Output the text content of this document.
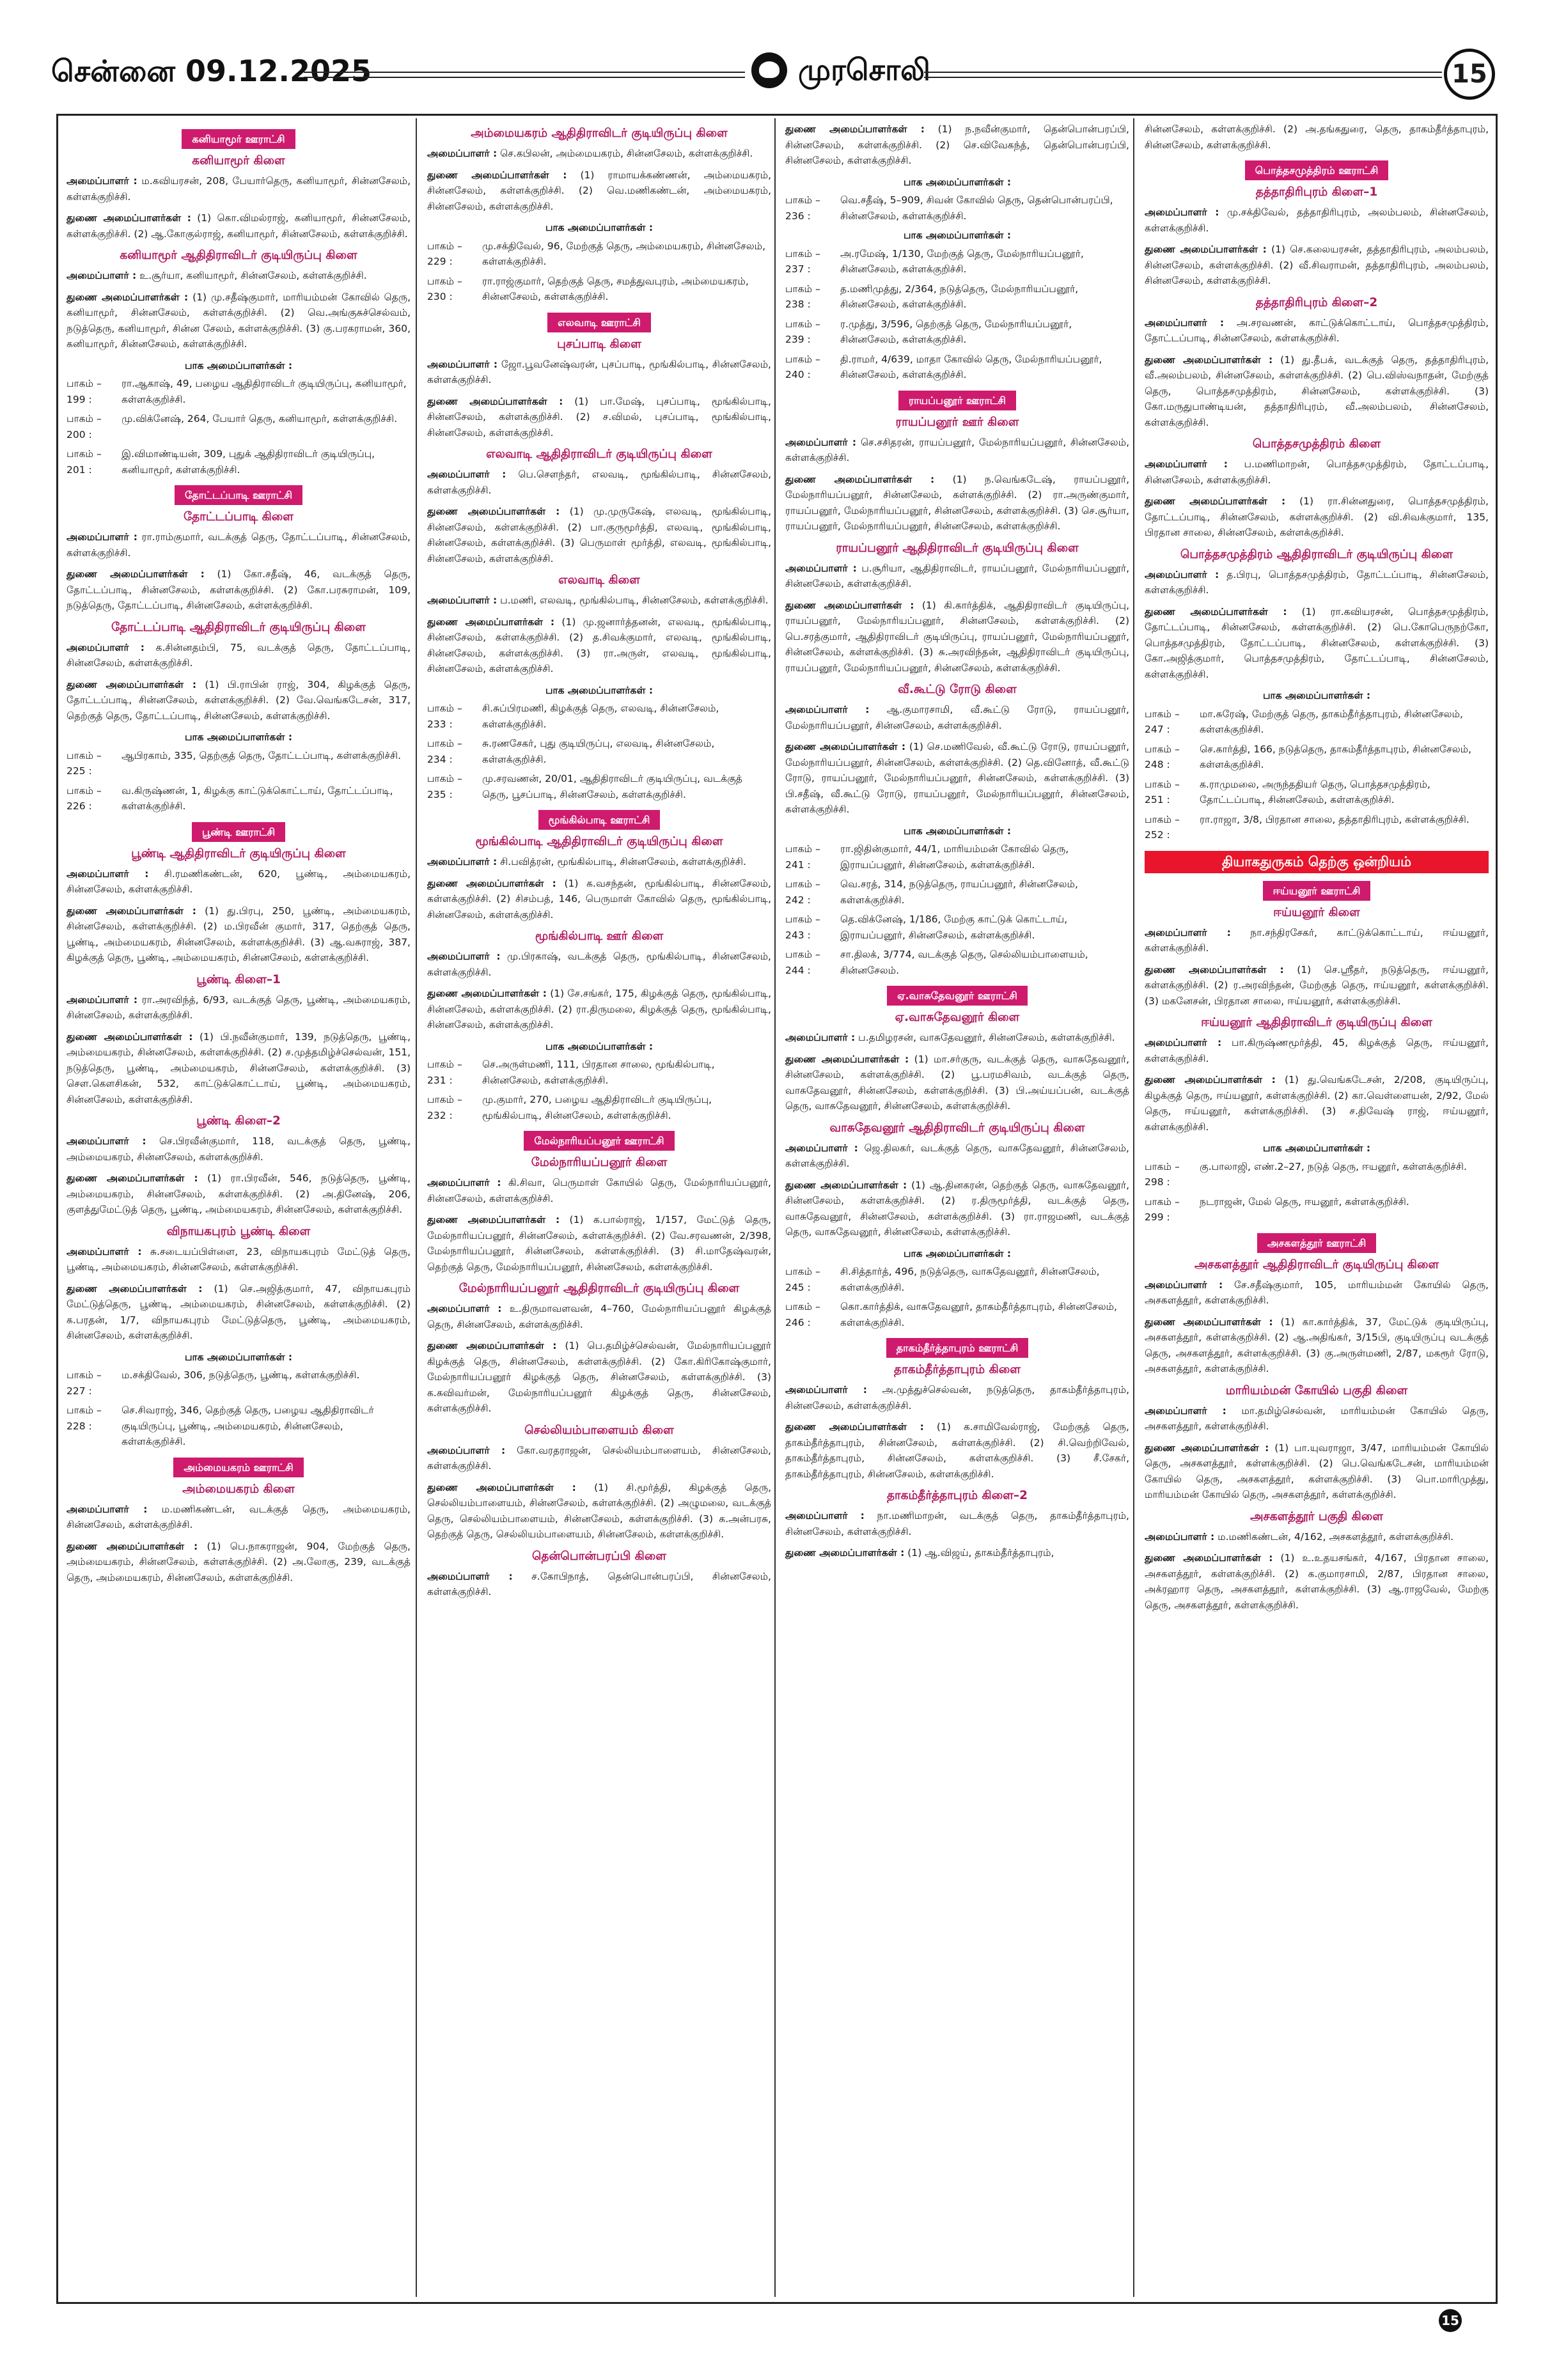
சென்னை 09.12.2025	முரசொலி	15
கனியாமூர் ஊராட்சி
கனியாமூர் கிளை

அமைப்பாளர் : ம.கவியரசன், 208, பேயார்தெரு, கனியாமூர், சின்னசேலம், கள்ளக்குறிச்சி.

துணை அமைப்பாளர்கள் : (1) கொ.விமல்ராஜ், கனியாமூர், சின்னசேலம், கள்ளக்குறிச்சி. (2) ஆ.கோகுல்ராஜ், கனியாமூர், சின்னசேலம், கள்ளக்குறிச்சி.

கனியாமூர் ஆதிதிராவிடர் குடியிருப்பு கிளை

அமைப்பாளர் : உ.சூர்யா, கனியாமூர், சின்னசேலம், கள்ளக்குறிச்சி.

துணை அமைப்பாளர்கள் : (1) மு.சதீஷ்குமார், மாரியம்மன் கோவில் தெரு, கனியாமூர், சின்னசேலம், கள்ளக்குறிச்சி. (2) வெ.அங்குசுச்செல்வம், நடுத்தெரு, கனியாமூர், சின்ன சேலம், கள்ளக்குறிச்சி. (3) கு.பரகராமன், 360, கனியாமூர், சின்னசேலம், கள்ளக்குறிச்சி.

பாக அமைப்பாளர்கள் :
பாகம் – 199 :
ரா.ஆகாஷ், 49, பழைய ஆதிதிராவிடர் குடியிருப்பு, கனியாமூர், கள்ளக்குறிச்சி.
பாகம் – 200 :
மு.விக்னேஷ், 264, பேயார் தெரு, கனியாமூர், கள்ளக்குறிச்சி.
பாகம் – 201 :
இ.விமாண்டியன், 309, புதுக் ஆதிதிராவிடர் குடியிருப்பு, கனியாமூர், கள்ளக்குறிச்சி.
தோட்டப்பாடி ஊராட்சி
தோட்டப்பாடி கிளை

அமைப்பாளர் : ரா.ராம்குமார், வடக்குத் தெரு, தோட்டப்பாடி, சின்னசேலம், கள்ளக்குறிச்சி.

துணை அமைப்பாளர்கள் : (1) கோ.சதீஷ், 46, வடக்குத் தெரு, தோட்டப்பாடி, சின்னசேலம், கள்ளக்குறிச்சி. (2) கோ.பரசுராமன், 109, நடுத்தெரு, தோட்டப்பாடி, சின்னசேலம், கள்ளக்குறிச்சி.

தோட்டப்பாடி ஆதிதிராவிடர் குடியிருப்பு கிளை

அமைப்பாளர் : க.சின்னதம்பி, 75, வடக்குத் தெரு, தோட்டப்பாடி, சின்னசேலம், கள்ளக்குறிச்சி.

துணை அமைப்பாளர்கள் : (1) பி.ராபின் ராஜ், 304, கிழக்குத் தெரு, தோட்டப்பாடி, சின்னசேலம், கள்ளக்குறிச்சி. (2) வே.வெங்கடேசன், 317, தெற்குத் தெரு, தோட்டப்பாடி, சின்னசேலம், கள்ளக்குறிச்சி.

பாக அமைப்பாளர்கள் :
பாகம் – 225 :
ஆபிரகாம், 335, தெற்குத் தெரு, தோட்டப்பாடி, கள்ளக்குறிச்சி.
பாகம் – 226 :
வ.கிருஷ்ணன், 1, கிழக்கு காட்டுக்கொட்டாய், தோட்டப்பாடி, கள்ளக்குறிச்சி.
பூண்டி ஊராட்சி
பூண்டி ஆதிதிராவிடர் குடியிருப்பு கிளை

அமைப்பாளர் : சி.ரமணிகண்டன், 620, பூண்டி, அம்மையகரம், சின்னசேலம், கள்ளக்குறிச்சி.

துணை அமைப்பாளர்கள் : (1) து.பிரபு, 250, பூண்டி, அம்மையகரம், சின்னசேலம், கள்ளக்குறிச்சி. (2) ம.பிரவீன் குமார், 317, தெற்குத் தெரு, பூண்டி, அம்மையகரம், சின்னசேலம், கள்ளக்குறிச்சி. (3) ஆ.வசுராஜ், 387, கிழக்குத் தெரு, பூண்டி, அம்மையகரம், சின்னசேலம், கள்ளக்குறிச்சி.

பூண்டி கிளை–1

அமைப்பாளர் : ரா.அரவிந்த், 6/93, வடக்குத் தெரு, பூண்டி, அம்மையகரம், சின்னசேலம், கள்ளக்குறிச்சி.

துணை அமைப்பாளர்கள் : (1) பி.நவீன்குமார், 139, நடுத்தெரு, பூண்டி, அம்மையகரம், சின்னசேலம், கள்ளக்குறிச்சி. (2) ச.முத்தமிழ்ச்செல்வன், 151, நடுத்தெரு, பூண்டி, அம்மையகரம், சின்னசேலம், கள்ளக்குறிச்சி. (3) சௌ.கௌசிகன், 532, காட்டுக்கொட்டாய், பூண்டி, அம்மையகரம், சின்னசேலம், கள்ளக்குறிச்சி.

பூண்டி கிளை–2

அமைப்பாளர் : செ.பிரவீன்குமார், 118, வடக்குத் தெரு, பூண்டி, அம்மையகரம், சின்னசேலம், கள்ளக்குறிச்சி.

துணை அமைப்பாளர்கள் : (1) ரா.பிரவீன், 546, நடுத்தெரு, பூண்டி, அம்மையகரம், சின்னசேலம், கள்ளக்குறிச்சி. (2) அ.தினேஷ், 206, குளத்துமேட்டுத் தெரு, பூண்டி, அம்மையகரம், சின்னசேலம், கள்ளக்குறிச்சி.

விநாயகபுரம் பூண்டி கிளை

அமைப்பாளர் : சு.சடையப்பிள்ளை, 23, விநாயகபுரம் மேட்டுத் தெரு, பூண்டி, அம்மையகரம், சின்னசேலம், கள்ளக்குறிச்சி.

துணை அமைப்பாளர்கள் : (1) செ.அஜித்குமார், 47, விநாயகபுரம் மேட்டுத்தெரு, பூண்டி, அம்மையகரம், சின்னசேலம், கள்ளக்குறிச்சி. (2) க.பரதன், 1/7, விநாயகபுரம் மேட்டுத்தெரு, பூண்டி, அம்மையகரம், சின்னசேலம், கள்ளக்குறிச்சி.

பாக அமைப்பாளர்கள் :
பாகம் – 227 :
ம.சக்திவேல், 306, நடுத்தெரு, பூண்டி, கள்ளக்குறிச்சி.
பாகம் – 228 :
செ.சிவராஜ், 346, தெற்குத் தெரு, பழைய ஆதிதிராவிடர் குடியிருப்பு, பூண்டி, அம்மையகரம், சின்னசேலம், கள்ளக்குறிச்சி.
அம்மையகரம் ஊராட்சி
அம்மையகரம் கிளை

அமைப்பாளர் : ம.மணிகண்டன், வடக்குத் தெரு, அம்மையகரம், சின்னசேலம், கள்ளக்குறிச்சி.

துணை அமைப்பாளர்கள் : (1) பெ.நாகராஜன், 904, மேற்குத் தெரு, அம்மையகரம், சின்னசேலம், கள்ளக்குறிச்சி. (2) அ.லோகு, 239, வடக்குத் தெரு, அம்மையகரம், சின்னசேலம், கள்ளக்குறிச்சி.

அம்மையகரம் ஆதிதிராவிடர் குடியிருப்பு கிளை

அமைப்பாளர் : செ.கபிலன், அம்மையகரம், சின்னசேலம், கள்ளக்குறிச்சி.

துணை அமைப்பாளர்கள் : (1) ராமாயக்கண்ணன், அம்மையகரம், சின்னசேலம், கள்ளக்குறிச்சி. (2) வெ.மணிகண்டன், அம்மையகரம், சின்னசேலம், கள்ளக்குறிச்சி.

பாக அமைப்பாளர்கள் :
பாகம் – 229 :
மு.சக்திவேல், 96, மேற்குத் தெரு, அம்மையகரம், சின்னசேலம், கள்ளக்குறிச்சி.
பாகம் – 230 :
ரா.ராஜ்குமார், தெற்குத் தெரு, சமத்துவபுரம், அம்மையகரம், சின்னசேலம், கள்ளக்குறிச்சி.
எலவாடி ஊராட்சி
புசப்பாடி கிளை

அமைப்பாளர் : ஜோ.பூவனேஷ்வரன், புசப்பாடி, மூங்கில்பாடி, சின்னசேலம், கள்ளக்குறிச்சி.

துணை அமைப்பாளர்கள் : (1) பா.மேஷ், புசப்பாடி, மூங்கில்பாடி, சின்னசேலம், கள்ளக்குறிச்சி. (2) ச.விமல், புசப்பாடி, மூங்கில்பாடி, சின்னசேலம், கள்ளக்குறிச்சி.

எலவாடி ஆதிதிராவிடர் குடியிருப்பு கிளை

அமைப்பாளர் : பெ.சௌந்தர், எலவடி, மூங்கில்பாடி, சின்னசேலம், கள்ளக்குறிச்சி.

துணை அமைப்பாளர்கள் : (1) மு.முருகேஷ், எலவடி, மூங்கில்பாடி, சின்னசேலம், கள்ளக்குறிச்சி. (2) பா.குருமூர்த்தி, எலவடி, மூங்கில்பாடி, சின்னசேலம், கள்ளக்குறிச்சி. (3) பெருமாள் மூர்த்தி, எலவடி, மூங்கில்பாடி, சின்னசேலம், கள்ளக்குறிச்சி.

எலவாடி கிளை

அமைப்பாளர் : ப.மணி, எலவடி, மூங்கில்பாடி, சின்னசேலம், கள்ளக்குறிச்சி.

துணை அமைப்பாளர்கள் : (1) மு.ஜனார்த்தனன், எலவடி, மூங்கில்பாடி, சின்னசேலம், கள்ளக்குறிச்சி. (2) த.சிவக்குமார், எலவடி, மூங்கில்பாடி, சின்னசேலம், கள்ளக்குறிச்சி. (3) ரா.அருள், எலவடி, மூங்கில்பாடி, சின்னசேலம், கள்ளக்குறிச்சி.

பாக அமைப்பாளர்கள் :
பாகம் – 233 :
சி.சுப்பிரமணி, கிழக்குத் தெரு, எலவடி, சின்னசேலம், கள்ளக்குறிச்சி.
பாகம் – 234 :
சு.ரணசேகர், புது குடியிருப்பு, எலவடி, சின்னசேலம், கள்ளக்குறிச்சி.
பாகம் – 235 :
மு.சரவணன், 20/01, ஆதிதிராவிடர் குடியிருப்பு, வடக்குத் தெரு, பூசப்பாடி, சின்னசேலம், கள்ளக்குறிச்சி.
மூங்கில்பாடி ஊராட்சி
மூங்கில்பாடி ஆதிதிராவிடர் குடியிருப்பு கிளை

அமைப்பாளர் : சி.பவித்ரன், மூங்கில்பாடி, சின்னசேலம், கள்ளக்குறிச்சி.

துணை அமைப்பாளர்கள் : (1) க.வசந்தன், மூங்கில்பாடி, சின்னசேலம், கள்ளக்குறிச்சி. (2) சிசம்பத், 146, பெருமாள் கோவில் தெரு, மூங்கில்பாடி, சின்னசேலம், கள்ளக்குறிச்சி.

மூங்கில்பாடி ஊர் கிளை

அமைப்பாளர் : மு.பிரகாஷ், வடக்குத் தெரு, மூங்கில்பாடி, சின்னசேலம், கள்ளக்குறிச்சி.

துணை அமைப்பாளர்கள் : (1) சே.சங்கர், 175, கிழக்குத் தெரு, மூங்கில்பாடி, சின்னசேலம், கள்ளக்குறிச்சி. (2) ரா.திருமலை, கிழக்குத் தெரு, மூங்கில்பாடி, சின்னசேலம், கள்ளக்குறிச்சி.

பாக அமைப்பாளர்கள் :
பாகம் – 231 :
செ.அருள்மணி, 111, பிரதான சாலை, மூங்கில்பாடி, சின்னசேலம், கள்ளக்குறிச்சி.
பாகம் – 232 :
மு.குமார், 270, பழைய ஆதிதிராவிடர் குடியிருப்பு, மூங்கில்பாடி, சின்னசேலம், கள்ளக்குறிச்சி.
மேல்நாரியப்பனூர் ஊராட்சி
மேல்நாரியப்பனூர் கிளை

அமைப்பாளர் : கி.சிவா, பெருமாள் கோயில் தெரு, மேல்நாரியப்பனூர், சின்னசேலம், கள்ளக்குறிச்சி.

துணை அமைப்பாளர்கள் : (1) க.பால்ராஜ், 1/157, மேட்டுத் தெரு, மேல்நாரியப்பனூர், சின்னசேலம், கள்ளக்குறிச்சி. (2) வே.சரவணன், 2/398, மேல்நாரியப்பனூர், சின்னசேலம், கள்ளக்குறிச்சி. (3) சி.மாதேஷ்வரன், தெற்குத் தெரு, மேல்நாரியப்பனூர், சின்னசேலம், கள்ளக்குறிச்சி.

மேல்நாரியப்பனூர் ஆதிதிராவிடர் குடியிருப்பு கிளை

அமைப்பாளர் : உ.திருமாவளவன், 4–760, மேல்நாரியப்பனூர் கிழக்குத் தெரு, சின்னசேலம், கள்ளக்குறிச்சி.

துணை அமைப்பாளர்கள் : (1) பெ.தமிழ்ச்செல்வன், மேல்நாரியப்பனூர் கிழக்குத் தெரு, சின்னசேலம், கள்ளக்குறிச்சி. (2) கோ.கிரிகோஷ்குமார், மேல்நாரியப்பனூர் கிழக்குத் தெரு, சின்னசேலம், கள்ளக்குறிச்சி. (3) க.கவிவர்மன், மேல்நாரியப்பனூர் கிழக்குத் தெரு, சின்னசேலம், கள்ளக்குறிச்சி.

செல்லியம்பாளையம் கிளை

அமைப்பாளர் : கோ.வரதராஜன், செல்லியம்பாளையம், சின்னசேலம், கள்ளக்குறிச்சி.

துணை அமைப்பாளர்கள் : (1) சி.மூர்த்தி, கிழக்குத் தெரு, செல்லியம்பாளையம், சின்னசேலம், கள்ளக்குறிச்சி. (2) அழுமலை, வடக்குத் தெரு, செல்லியம்பாளையம், சின்னசேலம், கள்ளக்குறிச்சி. (3) க.அன்பரசு, தெற்குத் தெரு, செல்லியம்பாளையம், சின்னசேலம், கள்ளக்குறிச்சி.

தென்பொன்பரப்பி கிளை

அமைப்பாளர் : ச.கோபிநாத், தென்பொன்பரப்பி, சின்னசேலம், கள்ளக்குறிச்சி.

துணை அமைப்பாளர்கள் : (1) ந.நவீன்குமார், தென்பொன்பரப்பி, சின்னசேலம், கள்ளக்குறிச்சி. (2) செ.விவேகந்த், தென்பொன்பரப்பி, சின்னசேலம், கள்ளக்குறிச்சி.

பாக அமைப்பாளர்கள் :
பாகம் – 236 :
வெ.சதீஷ், 5–909, சிவன் கோவில் தெரு, தென்பொன்பரப்பி, சின்னசேலம், கள்ளக்குறிச்சி.
பாக அமைப்பாளர்கள் :
பாகம் – 237 :
அ.ரமேஷ், 1/130, மேற்குத் தெரு, மேல்நாரியப்பனூர், சின்னசேலம், கள்ளக்குறிச்சி.
பாகம் – 238 :
த.மணிமுத்து, 2/364, நடுத்தெரு, மேல்நாரியப்பனூர், சின்னசேலம், கள்ளக்குறிச்சி.
பாகம் – 239 :
ர.முத்து, 3/596, தெற்குத் தெரு, மேல்நாரியப்பனூர், சின்னசேலம், கள்ளக்குறிச்சி.
பாகம் – 240 :
தி.ராமர், 4/639, மாதா கோவில் தெரு, மேல்நாரியப்பனூர், சின்னசேலம், கள்ளக்குறிச்சி.
ராயப்பனூர் ஊராட்சி
ராயப்பனூர் ஊர் கிளை

அமைப்பாளர் : செ.சசிதரன், ராயப்பனூர், மேல்நாரியப்பனூர், சின்னசேலம், கள்ளக்குறிச்சி.

துணை அமைப்பாளர்கள் : (1) ந.வெங்கடேஷ், ராயப்பனூர், மேல்நாரியப்பனூர், சின்னசேலம், கள்ளக்குறிச்சி. (2) ரா.அருண்குமார், ராயப்பனூர், மேல்நாரியப்பனூர், சின்னசேலம், கள்ளக்குறிச்சி. (3) செ.சூர்யா, ராயப்பனூர், மேல்நாரியப்பனூர், சின்னசேலம், கள்ளக்குறிச்சி.

ராயப்பனூர் ஆதிதிராவிடர் குடியிருப்பு கிளை

அமைப்பாளர் : ப.சூரியா, ஆதிதிராவிடர், ராயப்பனூர், மேல்நாரியப்பனூர், சின்னசேலம், கள்ளக்குறிச்சி.

துணை அமைப்பாளர்கள் : (1) கி.கார்த்திக், ஆதிதிராவிடர் குடியிருப்பு, ராயப்பனூர், மேல்நாரியப்பனூர், சின்னசேலம், கள்ளக்குறிச்சி. (2) பெ.சரத்குமார், ஆதிதிராவிடர் குடியிருப்பு, ராயப்பனூர், மேல்நாரியப்பனூர், சின்னசேலம், கள்ளக்குறிச்சி. (3) சு.அரவிந்தன், ஆதிதிராவிடர் குடியிருப்பு, ராயப்பனூர், மேல்நாரியப்பனூர், சின்னசேலம், கள்ளக்குறிச்சி.

வீ.கூட்டு ரோடு கிளை

அமைப்பாளர் : ஆ.குமாரசாமி, வீ.கூட்டு ரோடு, ராயப்பனூர், மேல்நாரியப்பனூர், சின்னசேலம், கள்ளக்குறிச்சி.

துணை அமைப்பாளர்கள் : (1) செ.மணிவேல், வீ.கூட்டு ரோடு, ராயப்பனூர், மேல்நாரியப்பனூர், சின்னசேலம், கள்ளக்குறிச்சி. (2) தெ.வினோத், வீ.கூட்டு ரோடு, ராயப்பனூர், மேல்நாரியப்பனூர், சின்னசேலம், கள்ளக்குறிச்சி. (3) பி.சதீஷ், வீ.கூட்டு ரோடு, ராயப்பனூர், மேல்நாரியப்பனூர், சின்னசேலம், கள்ளக்குறிச்சி.

பாக அமைப்பாளர்கள் :
பாகம் – 241 :
ரா.ஜிதின்குமார், 44/1, மாரியம்மன் கோவில் தெரு, இராயப்பனூர், சின்னசேலம், கள்ளக்குறிச்சி.
பாகம் – 242 :
வெ.சரத், 314, நடுத்தெரு, ராயப்பனூர், சின்னசேலம், கள்ளக்குறிச்சி.
பாகம் – 243 :
தெ.விக்னேஷ், 1/186, மேற்கு காட்டுக் கொட்டாய், இராயப்பனூர், சின்னசேலம், கள்ளக்குறிச்சி.
பாகம் – 244 :
சா.திலக், 3/774, வடக்குத் தெரு, செல்லியம்பாளையம், சின்னசேலம்.
ஏ.வாசுதேவனூர் ஊராட்சி
ஏ.வாசுதேவனூர் கிளை

அமைப்பாளர் : ப.தமிழரசன், வாசுதேவனூர், சின்னசேலம், கள்ளக்குறிச்சி.

துணை அமைப்பாளர்கள் : (1) மா.சர்குரு, வடக்குத் தெரு, வாசுதேவனூர், சின்னசேலம், கள்ளக்குறிச்சி. (2) பூ.பரமசிவம், வடக்குத் தெரு, வாசுதேவனூர், சின்னசேலம், கள்ளக்குறிச்சி. (3) பி.அய்யப்பன், வடக்குத் தெரு, வாசுதேவனூர், சின்னசேலம், கள்ளக்குறிச்சி.

வாசுதேவனூர் ஆதிதிராவிடர் குடியிருப்பு கிளை

அமைப்பாளர் : ஜெ.திலகர், வடக்குத் தெரு, வாசுதேவனூர், சின்னசேலம், கள்ளக்குறிச்சி.

துணை அமைப்பாளர்கள் : (1) ஆ.தினகரன், தெற்குத் தெரு, வாசுதேவனூர், சின்னசேலம், கள்ளக்குறிச்சி. (2) ர.திருமூர்த்தி, வடக்குத் தெரு, வாசுதேவனூர், சின்னசேலம், கள்ளக்குறிச்சி. (3) ரா.ராஜமணி, வடக்குத் தெரு, வாசுதேவனூர், சின்னசேலம், கள்ளக்குறிச்சி.

பாக அமைப்பாளர்கள் :
பாகம் – 245 :
சி.சித்தார்த், 496, நடுத்தெரு, வாசுதேவனூர், சின்னசேலம், கள்ளக்குறிச்சி.
பாகம் – 246 :
கொ.கார்த்திக், வாசுதேவனூர், தாகம்தீர்த்தாபுரம், சின்னசேலம், கள்ளக்குறிச்சி.
தாகம்தீர்த்தாபுரம் ஊராட்சி
தாகம்தீர்த்தாபுரம் கிளை

அமைப்பாளர் : அ.முத்துச்செல்வன், நடுத்தெரு, தாகம்தீர்த்தாபுரம், சின்னசேலம், கள்ளக்குறிச்சி.

துணை அமைப்பாளர்கள் : (1) க.சாமிவேல்ராஜ், மேற்குத் தெரு, தாகம்தீர்த்தாபுரம், சின்னசேலம், கள்ளக்குறிச்சி. (2) சி.வெற்றிவேல், தாகம்தீர்த்தாபுரம், சின்னசேலம், கள்ளக்குறிச்சி. (3) சீ.சேகர், தாகம்தீர்த்தாபுரம், சின்னசேலம், கள்ளக்குறிச்சி.

தாகம்தீர்த்தாபுரம் கிளை–2

அமைப்பாளர் : நா.மணிமாறன், வடக்குத் தெரு, தாகம்தீர்த்தாபுரம், சின்னசேலம், கள்ளக்குறிச்சி.

துணை அமைப்பாளர்கள் : (1) ஆ.விஜய், தாகம்தீர்த்தாபுரம்,

சின்னசேலம், கள்ளக்குறிச்சி. (2) அ.தங்கதுரை, தெரு, தாகம்தீர்த்தாபுரம், சின்னசேலம், கள்ளக்குறிச்சி.

பொத்தசமுத்திரம் ஊராட்சி
தத்தாதிரிபுரம் கிளை–1

அமைப்பாளர் : மு.சக்திவேல், தத்தாதிரிபுரம், அலம்பலம், சின்னசேலம், கள்ளக்குறிச்சி.

துணை அமைப்பாளர்கள் : (1) செ.கலையரசன், தத்தாதிரிபுரம், அலம்பலம், சின்னசேலம், கள்ளக்குறிச்சி. (2) வீ.சிவராமன், தத்தாதிரிபுரம், அலம்பலம், சின்னசேலம், கள்ளக்குறிச்சி.

தத்தாதிரிபுரம் கிளை–2

அமைப்பாளர் : அ.சரவணன், காட்டுக்கொட்டாய், பொத்தசமுத்திரம், தோட்டப்பாடி, சின்னசேலம், கள்ளக்குறிச்சி.

துணை அமைப்பாளர்கள் : (1) து.தீபக், வடக்குத் தெரு, தத்தாதிரிபுரம், வீ.அலம்பலம், சின்னசேலம், கள்ளக்குறிச்சி. (2) பெ.விஸ்வநாதன், மேற்குத் தெரு, பொத்தசமுத்திரம், சின்னசேலம், கள்ளக்குறிச்சி. (3) கோ.மருதுபாண்டியன், தத்தாதிரிபுரம், வீ.அலம்பலம், சின்னசேலம், கள்ளக்குறிச்சி.

பொத்தசமுத்திரம் கிளை

அமைப்பாளர் : ப.மணிமாறன், பொத்தசமுத்திரம், தோட்டப்பாடி, சின்னசேலம், கள்ளக்குறிச்சி.

துணை அமைப்பாளர்கள் : (1) ரா.சின்னதுரை, பொத்தசமுத்திரம், தோட்டப்பாடி, சின்னசேலம், கள்ளக்குறிச்சி. (2) வி.சிவக்குமார், 135, பிரதான சாலை, சின்னசேலம், கள்ளக்குறிச்சி.

பொத்தசமுத்திரம் ஆதிதிராவிடர் குடியிருப்பு கிளை

அமைப்பாளர் : த.பிரபு, பொத்தசமுத்திரம், தோட்டப்பாடி, சின்னசேலம், கள்ளக்குறிச்சி.

துணை அமைப்பாளர்கள் : (1) ரா.கவியரசன், பொத்தசமுத்திரம், தோட்டப்பாடி, சின்னசேலம், கள்ளக்குறிச்சி. (2) பெ.கோபெருநற்கோ, பொத்தசமுத்திரம், தோட்டப்பாடி, சின்னசேலம், கள்ளக்குறிச்சி. (3) கோ.அஜித்குமார், பொத்தசமுத்திரம், தோட்டப்பாடி, சின்னசேலம், கள்ளக்குறிச்சி.

பாக அமைப்பாளர்கள் :
பாகம் – 247 :
மா.சுரேஷ், மேற்குத் தெரு, தாகம்தீர்த்தாபுரம், சின்னசேலம், கள்ளக்குறிச்சி.
பாகம் – 248 :
செ.கார்த்தி, 166, நடுத்தெரு, தாகம்தீர்த்தாபுரம், சின்னசேலம், கள்ளக்குறிச்சி.
பாகம் – 251 :
க.ராமுமலை, அருந்ததியர் தெரு, பொத்தசமுத்திரம், தோட்டப்பாடி, சின்னசேலம், கள்ளக்குறிச்சி.
பாகம் – 252 :
ரா.ராஜா, 3/8, பிரதான சாலை, தத்தாதிரிபுரம், கள்ளக்குறிச்சி.
தியாகதுருகம் தெற்கு ஒன்றியம்
ஈய்யனூர் ஊராட்சி
ஈய்யனூர் கிளை

அமைப்பாளர் : நா.சந்திரசேகர், காட்டுக்கொட்டாய், ஈய்யனூர், கள்ளக்குறிச்சி.

துணை அமைப்பாளர்கள் : (1) செ.ஸ்ரீதர், நடுத்தெரு, ஈய்யனூர், கள்ளக்குறிச்சி. (2) ர.அரவிந்தன், மேற்குத் தெரு, ஈய்யனூர், கள்ளக்குறிச்சி. (3) மகனேசன், பிரதான சாலை, ஈய்யனூர், கள்ளக்குறிச்சி.

ஈய்யனூர் ஆதிதிராவிடர் குடியிருப்பு கிளை

அமைப்பாளர் : பா.கிருஷ்ணமூர்த்தி, 45, கிழக்குத் தெரு, ஈய்யனூர், கள்ளக்குறிச்சி.

துணை அமைப்பாளர்கள் : (1) து.வெங்கடேசன், 2/208, குடியிருப்பு, கிழக்குத் தெரு, ஈய்யனூர், கள்ளக்குறிச்சி. (2) கா.வெள்ளையன், 2/92, மேல் தெரு, ஈய்யனூர், கள்ளக்குறிச்சி. (3) ச.திவேஷ் ராஜ், ஈய்யனூர், கள்ளக்குறிச்சி.

பாக அமைப்பாளர்கள் :
பாகம் – 298 :
கு.பாலாஜி, எண்.2–27, நடுத் தெரு, ஈயனூர், கள்ளக்குறிச்சி.
பாகம் – 299 :
நடராஜன், மேல் தெரு, ஈயனூர், கள்ளக்குறிச்சி.
அசகளத்தூர் ஊராட்சி
அசகளத்தூர் ஆதிதிராவிடர் குடியிருப்பு கிளை

அமைப்பாளர் : சே.சதீஷ்குமார், 105, மாரியம்மன் கோயில் தெரு, அசகளத்தூர், கள்ளக்குறிச்சி.

துணை அமைப்பாளர்கள் : (1) கா.கார்த்திக், 37, மேட்டுக் குடியிருப்பு, அசகளத்தூர், கள்ளக்குறிச்சி. (2) ஆ.அதிங்கர், 3/15பி, குடியிருப்பு வடக்குத் தெரு, அசகளத்தூர், கள்ளக்குறிச்சி. (3) கு.அருள்மணி, 2/87, மகரூர் ரோடு, அசகளத்தூர், கள்ளக்குறிச்சி.

மாரியம்மன் கோயில் பகுதி கிளை

அமைப்பாளர் : மா.தமிழ்செல்வன், மாரியம்மன் கோயில் தெரு, அசகளத்தூர், கள்ளக்குறிச்சி.

துணை அமைப்பாளர்கள் : (1) பா.யுவராஜா, 3/47, மாரியம்மன் கோயில் தெரு, அசகளத்தூர், கள்ளக்குறிச்சி. (2) பெ.வெங்கடேசன், மாரியம்மன் கோயில் தெரு, அசகளத்தூர், கள்ளக்குறிச்சி. (3) பொ.மாரிமுத்து, மாரியம்மன் கோயில் தெரு, அசகளத்தூர், கள்ளக்குறிச்சி.

அசகளத்தூர் பகுதி கிளை

அமைப்பாளர் : ம.மணிகண்டன், 4/162, அசகளத்தூர், கள்ளக்குறிச்சி.

துணை அமைப்பாளர்கள் : (1) உ.உதயசங்கர், 4/167, பிரதான சாலை, அசகளத்தூர், கள்ளக்குறிச்சி. (2) க.குமாரசாமி, 2/87, பிரதான சாலை, அக்ரஹார தெரு, அசகளத்தூர், கள்ளக்குறிச்சி. (3) ஆ.ராஜவேல், மேற்கு தெரு, அசகளத்தூர், கள்ளக்குறிச்சி.

15
